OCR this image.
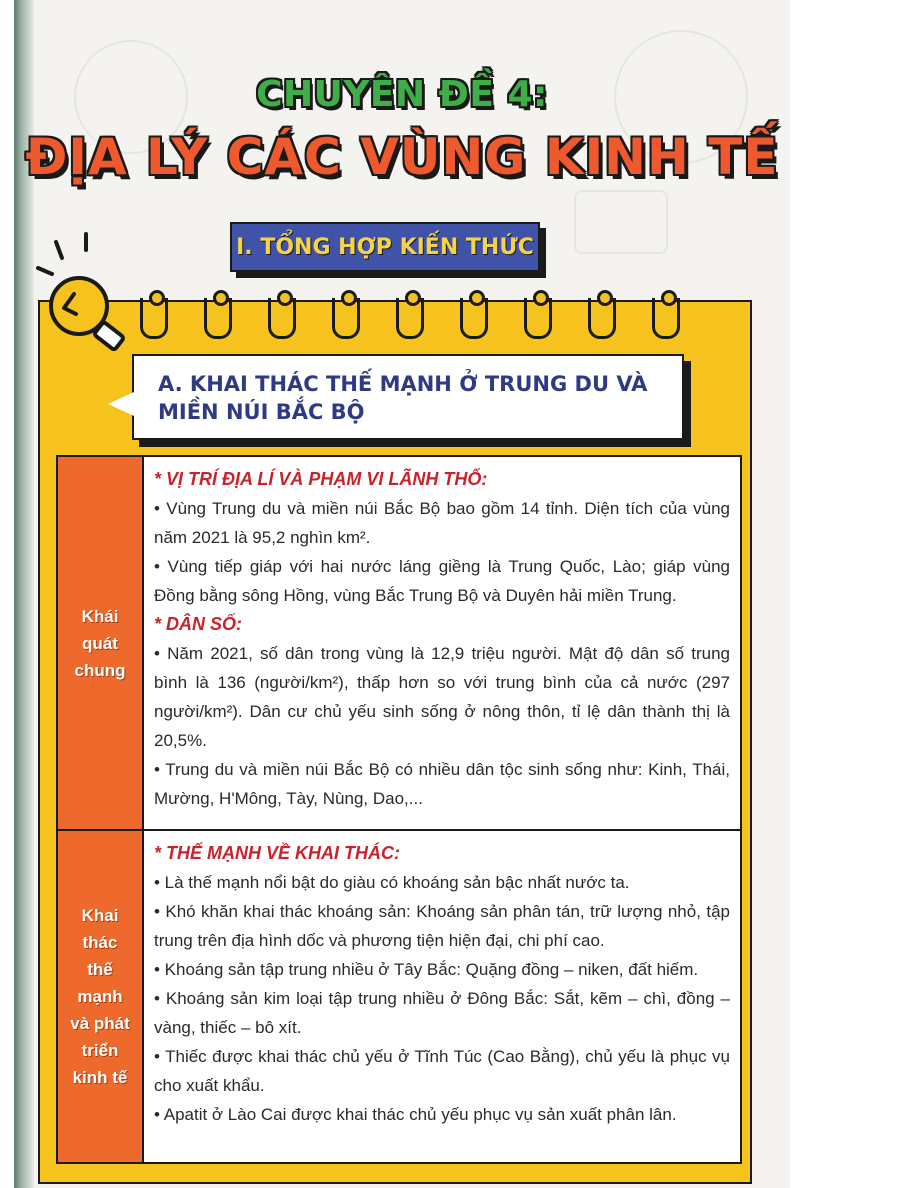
CHUYÊN ĐỀ 4:
ĐỊA LÝ CÁC VÙNG KINH TẾ
I. TỔNG HỢP KIẾN THỨC
A. KHAI THÁC THẾ MẠNH Ở TRUNG DU VÀ
MIỀN NÚI BẮC BỘ
Khái
quát
chung
* VỊ TRÍ ĐỊA LÍ VÀ PHẠM VI LÃNH THỔ:
• Vùng Trung du và miền núi Bắc Bộ bao gồm 14 tỉnh. Diện tích của vùng năm 2021 là 95,2 nghìn km².
• Vùng tiếp giáp với hai nước láng giềng là Trung Quốc, Lào; giáp vùng Đồng bằng sông Hồng, vùng Bắc Trung Bộ và Duyên hải miền Trung.
* DÂN SỐ:
• Năm 2021, số dân trong vùng là 12,9 triệu người. Mật độ dân số trung bình là 136 (người/km²), thấp hơn so với trung bình của cả nước (297 người/km²). Dân cư chủ yếu sinh sống ở nông thôn, tỉ lệ dân thành thị là 20,5%.
• Trung du và miền núi Bắc Bộ có nhiều dân tộc sinh sống như: Kinh, Thái, Mường, H'Mông, Tày, Nùng, Dao,...
Khai
thác
thế
mạnh
và phát
triển
kinh tế
* THẾ MẠNH VỀ KHAI THÁC:
• Là thế mạnh nổi bật do giàu có khoáng sản bậc nhất nước ta.
• Khó khăn khai thác khoáng sản: Khoáng sản phân tán, trữ lượng nhỏ, tập trung trên địa hình dốc và phương tiện hiện đại, chi phí cao.
• Khoáng sản tập trung nhiều ở Tây Bắc: Quặng đồng – niken, đất hiếm.
• Khoáng sản kim loại tập trung nhiều ở Đông Bắc: Sắt, kẽm – chì, đồng – vàng, thiếc – bô xít.
• Thiếc được khai thác chủ yếu ở Tĩnh Túc (Cao Bằng), chủ yếu là phục vụ cho xuất khẩu.
• Apatit ở Lào Cai được khai thác chủ yếu phục vụ sản xuất phân lân.
